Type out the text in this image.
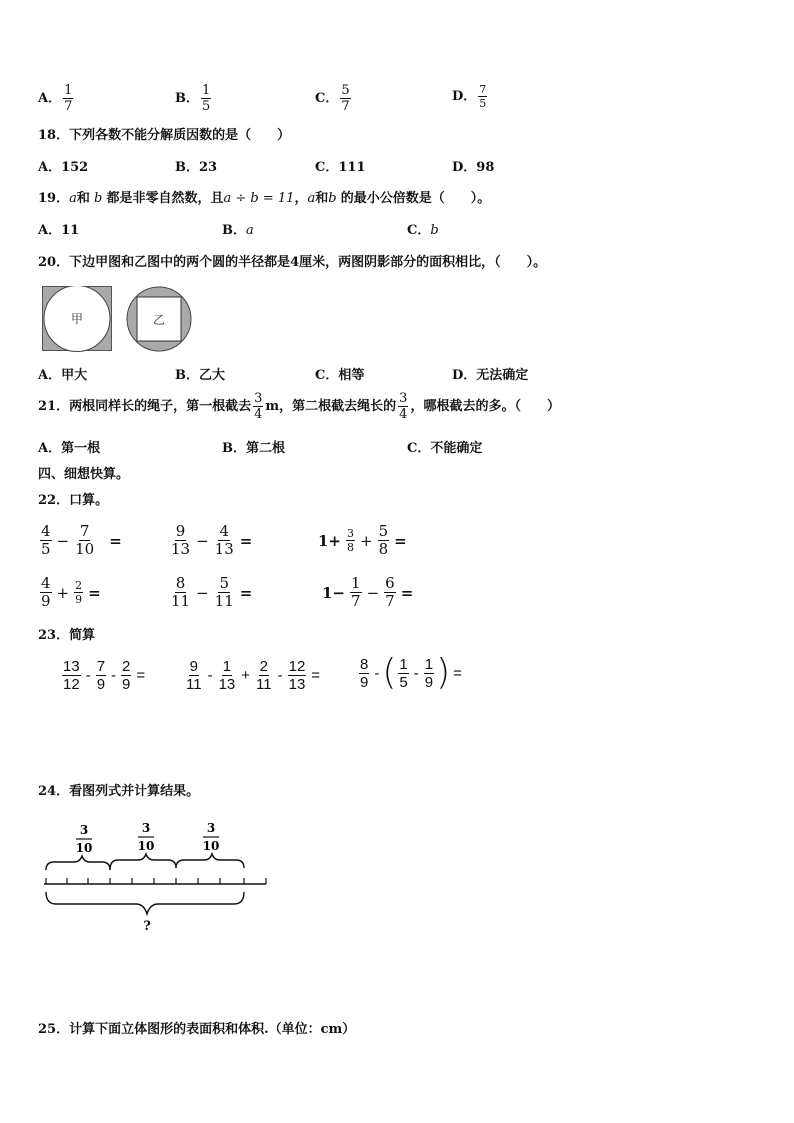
A． $\frac{1}{7}$	B． $\frac{1}{5}$	C． $\frac{5}{7}$	D． $\frac{7}{5}$
18．下列各数不能分解质因数的是（　　）
A．152	B．23	C．111	D．98
19．a和 b 都是非零自然数，且a ÷ b = 11，a和b 的最小公倍数是（　　）。
A．11	B．a	C．b
20．下边甲图和乙图中的两个圆的半径都是4厘米，两图阴影部分的面积相比，（　　）。
甲	乙
A．甲大	B．乙大	C．相等	D．无法确定
21．两根同样长的绳子，第一根截去 $\frac{3}{4}$ m，第二根截去绳长的 $\frac{3}{4}$ ，哪根截去的多。（　　）
A．第一根	B．第二根	C．不能确定
四、细想快算。
22．口算。
$\frac{4}{5} - \frac{7}{10}$ =	$\frac{9}{13} - \frac{4}{13}$ =	$1+ \frac{3}{8} + \frac{5}{8}$ =
$\frac{4}{9} + \frac{2}{9}$ =	$\frac{8}{11} - \frac{5}{11}$ =	$1- \frac{1}{7} - \frac{6}{7}$ =
23．简算
$\frac{13}{12} - \frac{7}{9} - \frac{2}{9}$ =	$\frac{9}{11} - \frac{1}{13} + \frac{2}{11} - \frac{12}{13}$ =	$\frac{8}{9}$ -( $\frac{1}{5} - \frac{1}{9}$ ) =
24．看图列式并计算结果。
3
10
3
10
3
10
?
25．计算下面立体图形的表面积和体积.（单位：cm）
